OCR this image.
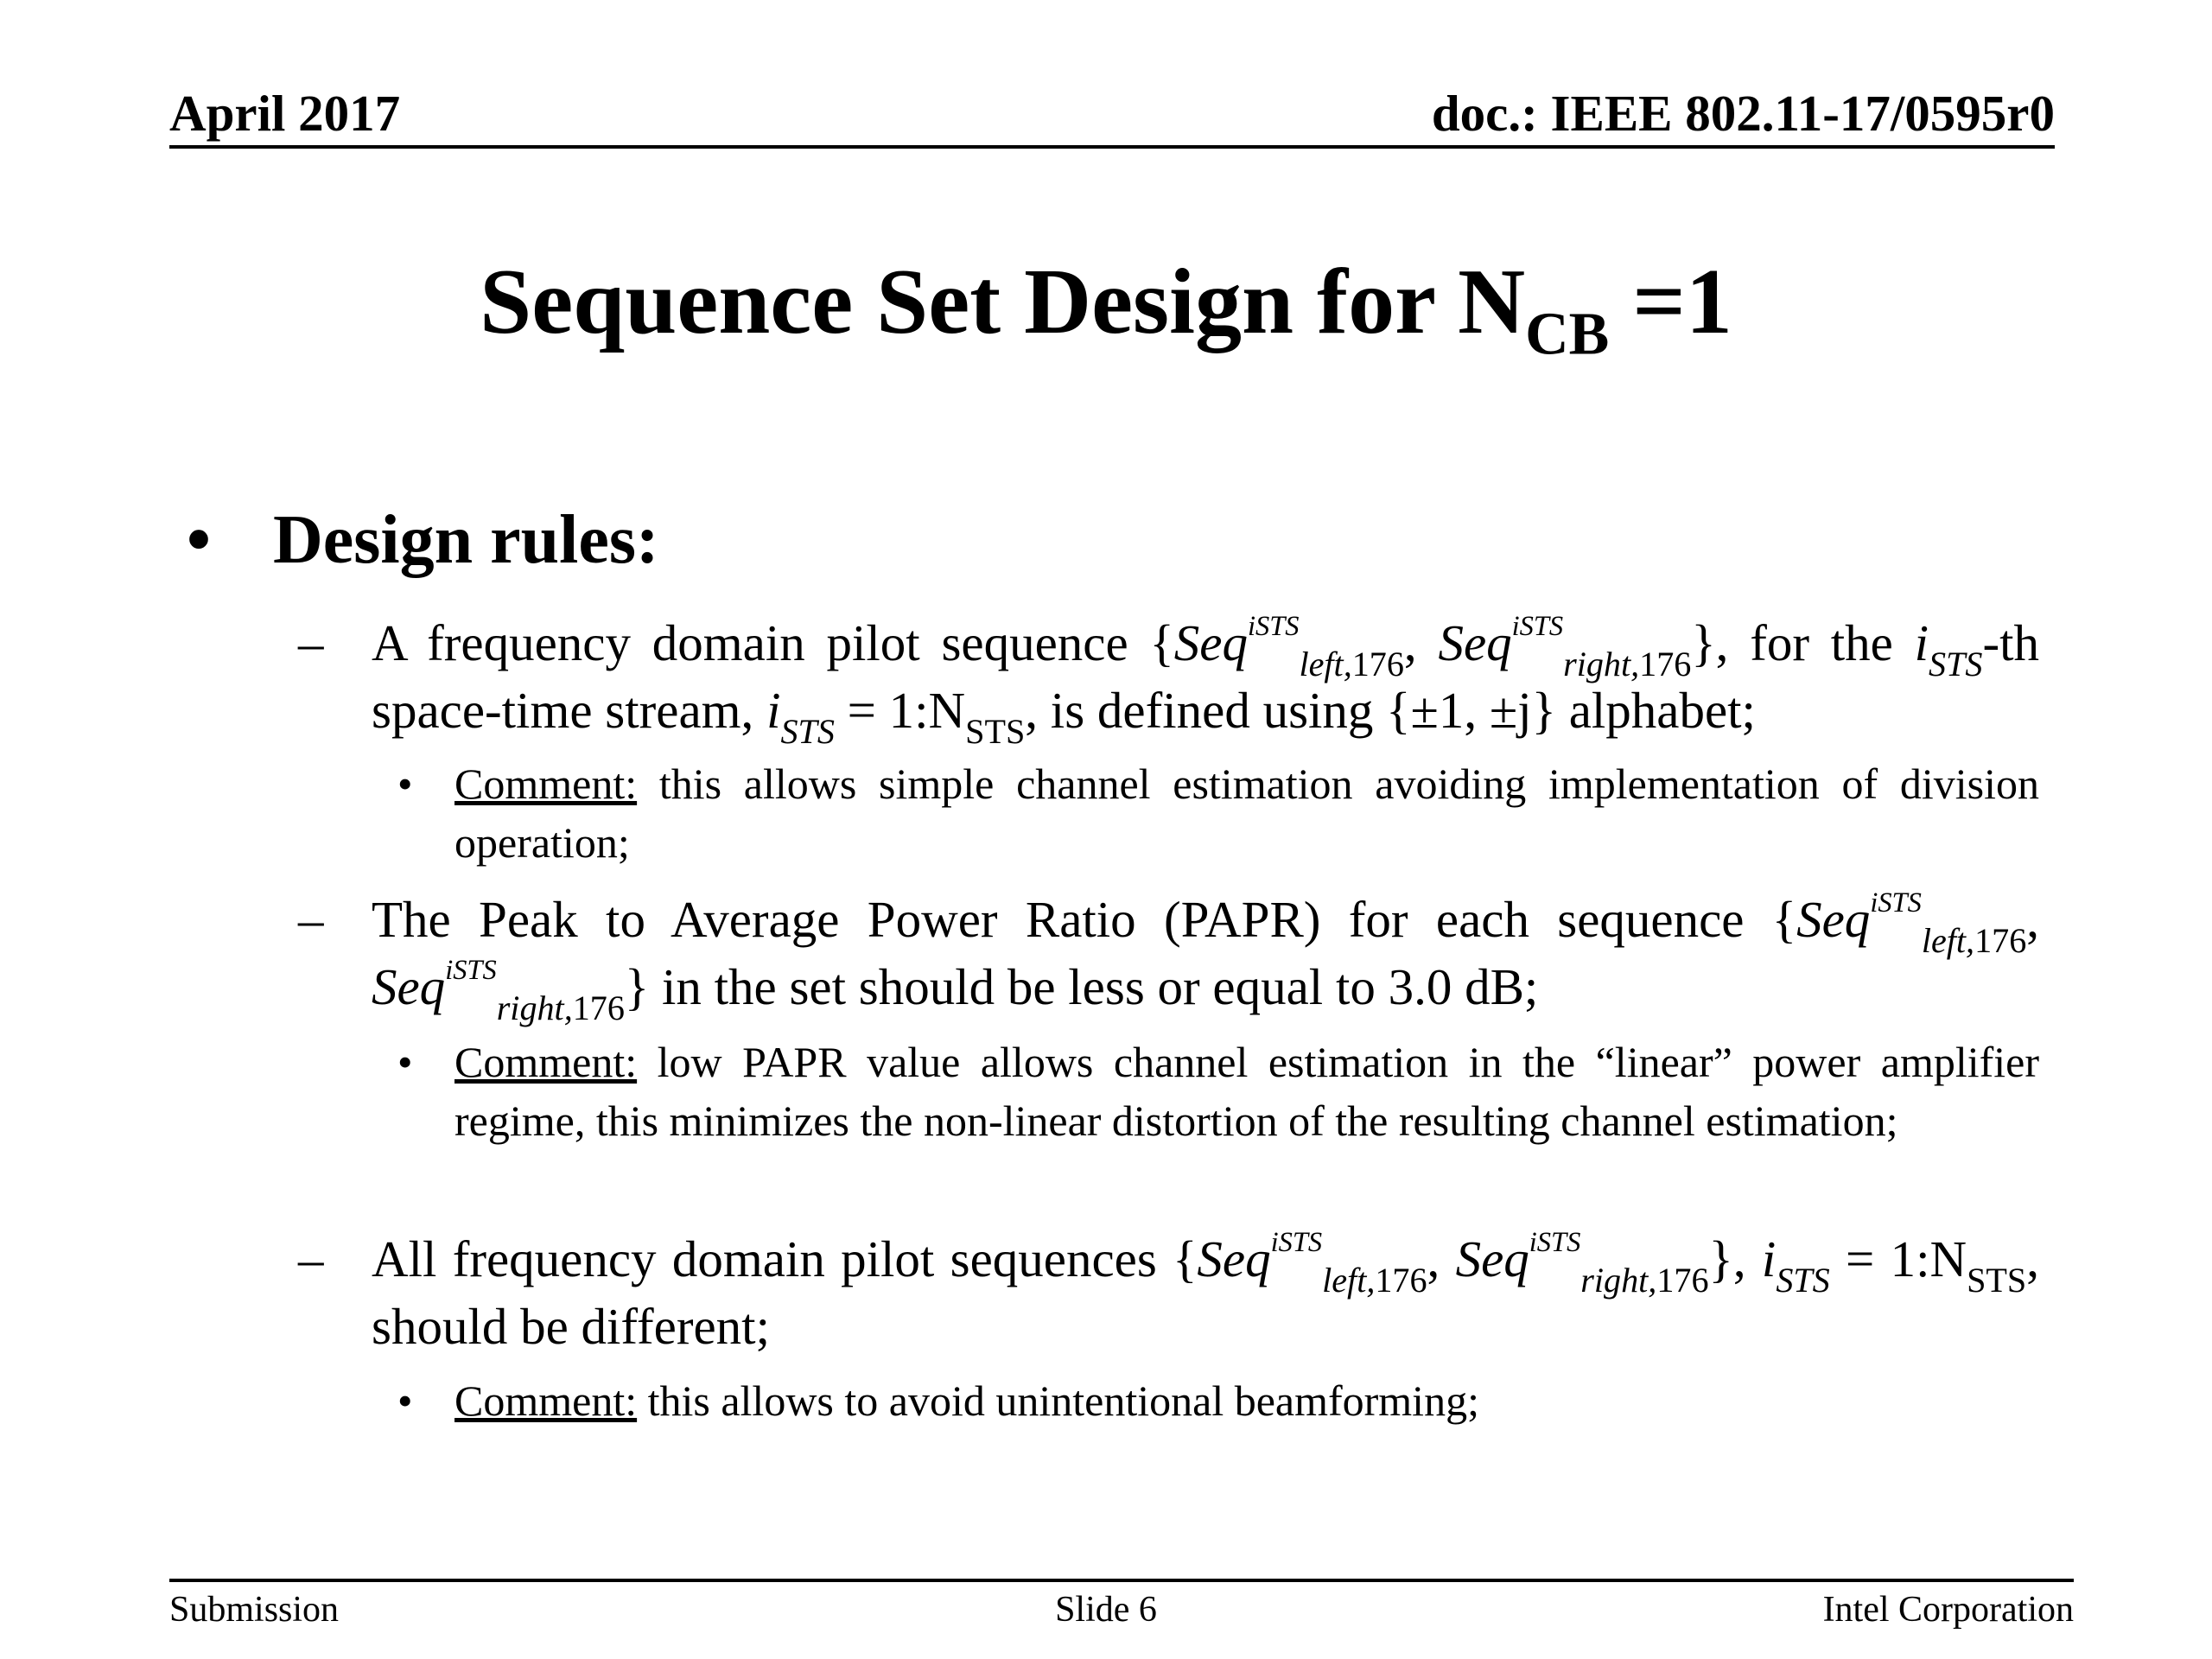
April 2017	doc.: IEEE 802.11-17/0595r0
Sequence Set Design for $N_{CB} =1$
• Design rules:
– A frequency domain pilot sequence {Seq$^{iSTS}_{left,176}$, Seq$^{iSTS}_{right,176}$}, for the $i_{STS}-th$ space-time stream, $i_{STS}$ = $1:N_{STS}$, is defined using {±1, ±j} alphabet;
• Comment: this allows simple channel estimation avoiding implementation of division operation;
– The Peak to Average Power Ratio (PAPR) for each sequence {Seq$^{iSTS}_{left,176}$, Seq$^{iSTS}_{right,176}$} in the set should be less or equal to 3.0 dB;
• Comment: low PAPR value allows channel estimation in the “linear” power amplifier regime, this minimizes the non-linear distortion of the resulting channel estimation;
– All frequency domain pilot sequences {Seq$^{iSTS}_{left,176}$, Seq$^{iSTS}_{right,176}$}, $i_{STS}$ = $1:N_{STS}$, should be different;
• Comment: this allows to avoid unintentional beamforming;
Submission	Slide 6	Intel Corporation
